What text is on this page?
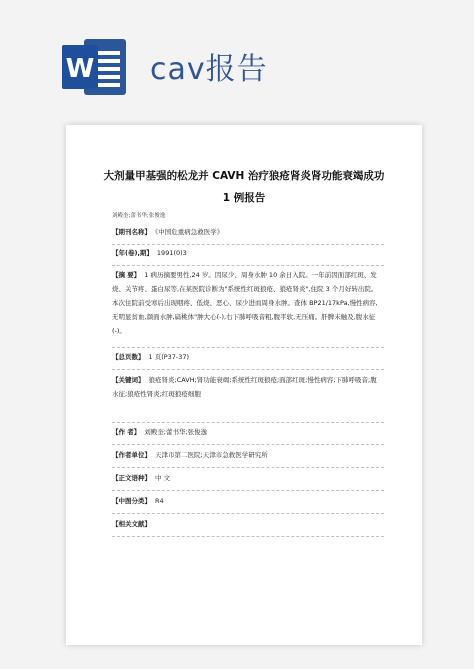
W cav报告
大剂量甲基强的松龙并 CAVH 治疗狼疮肾炎肾功能衰竭成功
1 例报告
刘殿奎;蕾书华;张俊逸
【期刊名称】 《中国危重病急救医学》
【年(卷),期】 1991(0)3
【摘 要】 1 病历摘要男性,24 岁。因尿少、周身水肿 10 余日入院。一年前因面部红斑、发烧、关节疼、蛋白尿等,在某医院诊断为"系统性红斑狼疮、狼疮肾炎",住院 3 个月好转出院。本次住院前受寒后出现咽疼、低烧、恶心、尿少进而周身水肿。查体 BP21/17kPa,慢性病容,无明显贫血,颜面水肿,扁桃体"肿大心(-),右下肺呼吸音粗,腹平软,无压痛。肝脾未触及,腹水征(-)。
【总页数】 1 页(P37-37)
【关键词】 狼疮肾炎;CAVH;肾功能衰竭;系统性红斑狼疮;面部红斑;慢性病容;下肺呼吸音;腹水征;狼疮性肾炎;红斑狼疮细胞
【作 者】 刘殿奎;蕾书华;张俊逸
【作者单位】 天津市第二医院;天津市急救医学研究所
【正文语种】 中 文
【中图分类】 R4
【相关文献】
